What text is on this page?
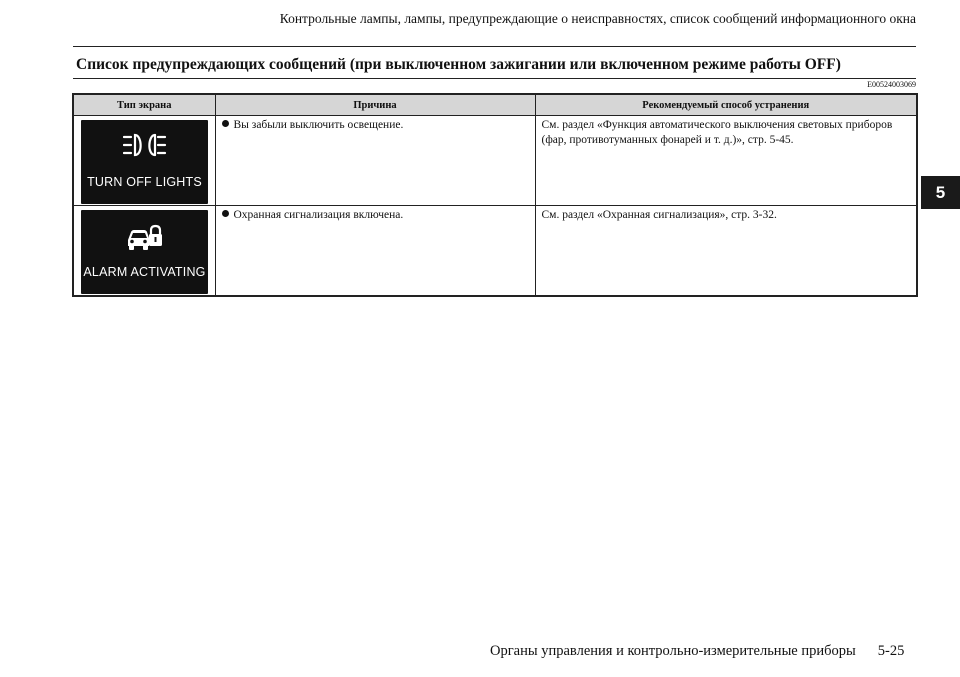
Контрольные лампы, лампы, предупреждающие о неисправностях, список сообщений информационного окна
Список предупреждающих сообщений (при выключенном зажигании или включенном режиме работы OFF)
E00524003069
5
Тип экрана	Причина	Рекомендуемый способ устранения

TURN OFF LIGHTS	Вы забыли выключить освещение.	См. раздел «Функция автоматического выключения световых приборов (фар, противотуманных фонарей и т. д.)», стр. 5-45.

ALARM ACTIVATING	Охранная сигнализация включена.	См. раздел «Охранная сигнализация», стр. 3-32.
Органы управления и контрольно-измерительные приборы 5-25
